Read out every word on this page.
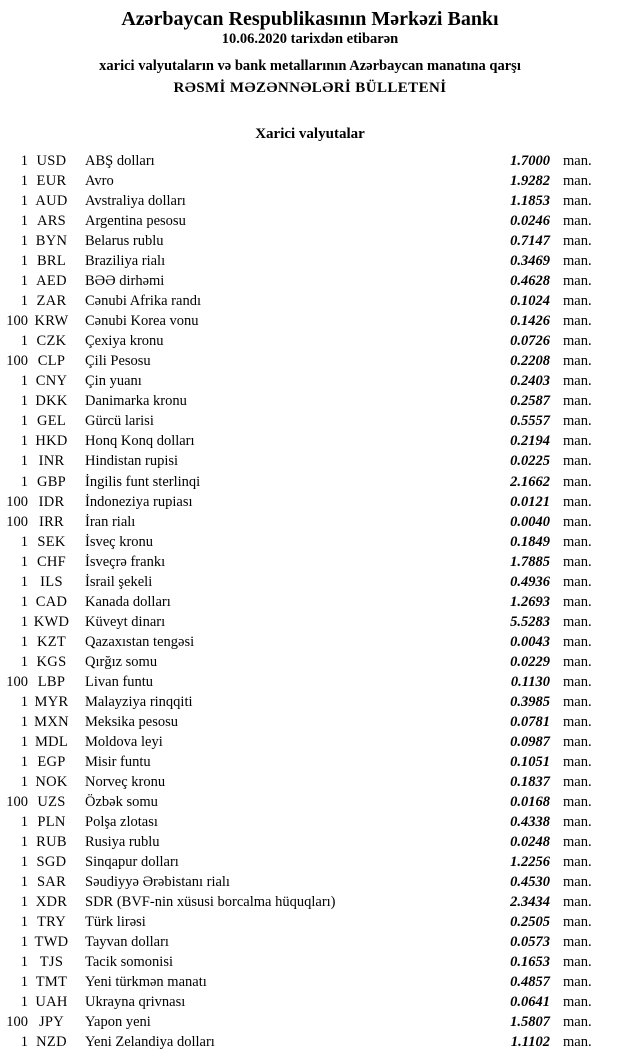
Azərbaycan Respublikasının Mərkəzi Bankı
10.06.2020 tarixdən etibarən
xarici valyutaların və bank metallarının Azərbaycan manatına qarşı
RƏSMİ MƏZƏNNƏLƏRİ BÜLLETENİ
Xarici valyutalar
1 USD	ABŞ dolları	1.7000 man.
1 EUR	Avro	1.9282 man.
1 AUD	Avstraliya dolları	1.1853 man.
1 ARS	Argentina pesosu	0.0246 man.
1 BYN	Belarus rublu	0.7147 man.
1 BRL	Braziliya rialı	0.3469 man.
1 AED	BƏƏ dirhəmi	0.4628 man.
1 ZAR	Cənubi Afrika randı	0.1024 man.
100 KRW	Cənubi Korea vonu	0.1426 man.
1 CZK	Çexiya kronu	0.0726 man.
100 CLP	Çili Pesosu	0.2208 man.
1 CNY	Çin yuanı	0.2403 man.
1 DKK	Danimarka kronu	0.2587 man.
1 GEL	Gürcü larisi	0.5557 man.
1 HKD	Honq Konq dolları	0.2194 man.
1 INR	Hindistan rupisi	0.0225 man.
1 GBP	İngilis funt sterlinqi	2.1662 man.
100 IDR	İndoneziya rupiası	0.0121 man.
100 IRR	İran rialı	0.0040 man.
1 SEK	İsveç kronu	0.1849 man.
1 CHF	İsveçrə frankı	1.7885 man.
1 ILS	İsrail şekeli	0.4936 man.
1 CAD	Kanada dolları	1.2693 man.
1 KWD	Küveyt dinarı	5.5283 man.
1 KZT	Qazaxıstan tengəsi	0.0043 man.
1 KGS	Qırğız somu	0.0229 man.
100 LBP	Livan funtu	0.1130 man.
1 MYR	Malayziya rinqqiti	0.3985 man.
1 MXN	Meksika pesosu	0.0781 man.
1 MDL	Moldova leyi	0.0987 man.
1 EGP	Misir funtu	0.1051 man.
1 NOK	Norveç kronu	0.1837 man.
100 UZS	Özbək somu	0.0168 man.
1 PLN	Polşa zlotası	0.4338 man.
1 RUB	Rusiya rublu	0.0248 man.
1 SGD	Sinqapur dolları	1.2256 man.
1 SAR	Səudiyyə Ərəbistanı rialı	0.4530 man.
1 XDR	SDR (BVF-nin xüsusi borcalma hüquqları)	2.3434 man.
1 TRY	Türk lirəsi	0.2505 man.
1 TWD	Tayvan dolları	0.0573 man.
1 TJS	Tacik somonisi	0.1653 man.
1 TMT	Yeni türkmən manatı	0.4857 man.
1 UAH	Ukrayna qrivnası	0.0641 man.
100 JPY	Yapon yeni	1.5807 man.
1 NZD	Yeni Zelandiya dolları	1.1102 man.
